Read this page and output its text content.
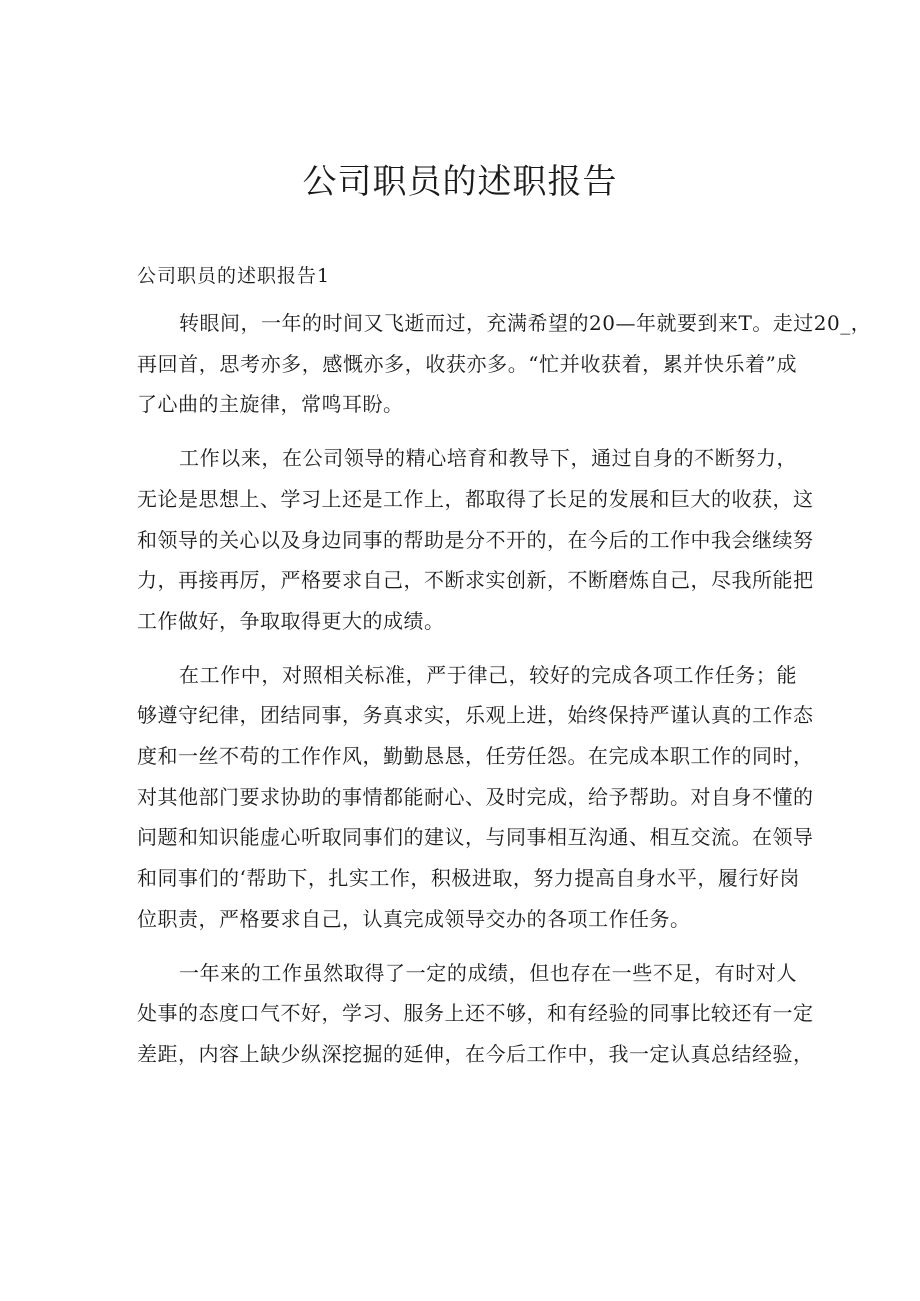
公司职员的述职报告

公司职员的述职报告1

转眼间，一年的时间又飞逝而过，充满希望的20—年就要到来T。走过20_，
再回首，思考亦多，感慨亦多，收获亦多。“忙并收获着，累并快乐着”成
了心曲的主旋律，常鸣耳盼。

工作以来，在公司领导的精心培育和教导下，通过自身的不断努力，
无论是思想上、学习上还是工作上，都取得了长足的发展和巨大的收获，这
和领导的关心以及身边同事的帮助是分不开的，在今后的工作中我会继续努
力，再接再厉，严格要求自己，不断求实创新，不断磨炼自己，尽我所能把
工作做好，争取取得更大的成绩。

在工作中，对照相关标准，严于律己，较好的完成各项工作任务；能
够遵守纪律，团结同事，务真求实，乐观上进，始终保持严谨认真的工作态
度和一丝不苟的工作作风，勤勤恳恳，任劳任怨。在完成本职工作的同时，
对其他部门要求协助的事情都能耐心、及时完成，给予帮助。对自身不懂的
问题和知识能虚心听取同事们的建议，与同事相互沟通、相互交流。在领导
和同事们的‘帮助下，扎实工作，积极进取，努力提高自身水平，履行好岗
位职责，严格要求自己，认真完成领导交办的各项工作任务。

一年来的工作虽然取得了一定的成绩，但也存在一些不足，有时对人
处事的态度口气不好，学习、服务上还不够，和有经验的同事比较还有一定
差距，内容上缺少纵深挖掘的延伸，在今后工作中，我一定认真总结经验，
